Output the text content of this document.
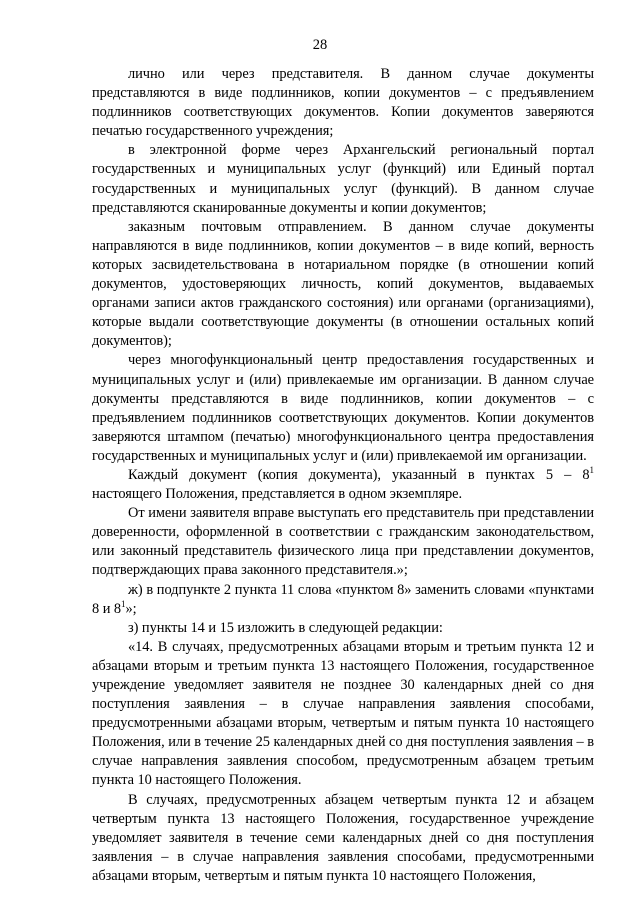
28

лично или через представителя. В данном случае документы представляются в виде подлинников, копии документов – с предъявлением подлинников соответствующих документов. Копии документов заверяются печатью государственного учреждения;

в электронной форме через Архангельский региональный портал государственных и муниципальных услуг (функций) или Единый портал государственных и муниципальных услуг (функций). В данном случае представляются сканированные документы и копии документов;

заказным почтовым отправлением. В данном случае документы направляются в виде подлинников, копии документов – в виде копий, верность которых засвидетельствована в нотариальном порядке (в отношении копий документов, удостоверяющих личность, копий документов, выдаваемых органами записи актов гражданского состояния) или органами (организациями), которые выдали соответствующие документы (в отношении остальных копий документов);

через многофункциональный центр предоставления государственных и муниципальных услуг и (или) привлекаемые им организации. В данном случае документы представляются в виде подлинников, копии документов – с предъявлением подлинников соответствующих документов. Копии документов заверяются штампом (печатью) многофункционального центра предоставления государственных и муниципальных услуг и (или) привлекаемой им организации.

Каждый документ (копия документа), указанный в пунктах $5 - 8^1$ настоящего Положения, представляется в одном экземпляре.

От имени заявителя вправе выступать его представитель при представлении доверенности, оформленной в соответствии с гражданским законодательством, или законный представитель физического лица при представлении документов, подтверждающих права законного представителя.»;

ж) в подпункте 2 пункта 11 слова «пунктом 8» заменить словами «пунктами 8 и $8^1$»;

з) пункты 14 и 15 изложить в следующей редакции:

«14. В случаях, предусмотренных абзацами вторым и третьим пункта 12 и абзацами вторым и третьим пункта 13 настоящего Положения, государственное учреждение уведомляет заявителя не позднее 30 календарных дней со дня поступления заявления – в случае направления заявления способами, предусмотренными абзацами вторым, четвертым и пятым пункта 10 настоящего Положения, или в течение 25 календарных дней со дня поступления заявления – в случае направления заявления способом, предусмотренным абзацем третьим пункта 10 настоящего Положения.

В случаях, предусмотренных абзацем четвертым пункта 12 и абзацем четвертым пункта 13 настоящего Положения, государственное учреждение уведомляет заявителя в течение семи календарных дней со дня поступления заявления – в случае направления заявления способами, предусмотренными абзацами вторым, четвертым и пятым пункта 10 настоящего Положения,
